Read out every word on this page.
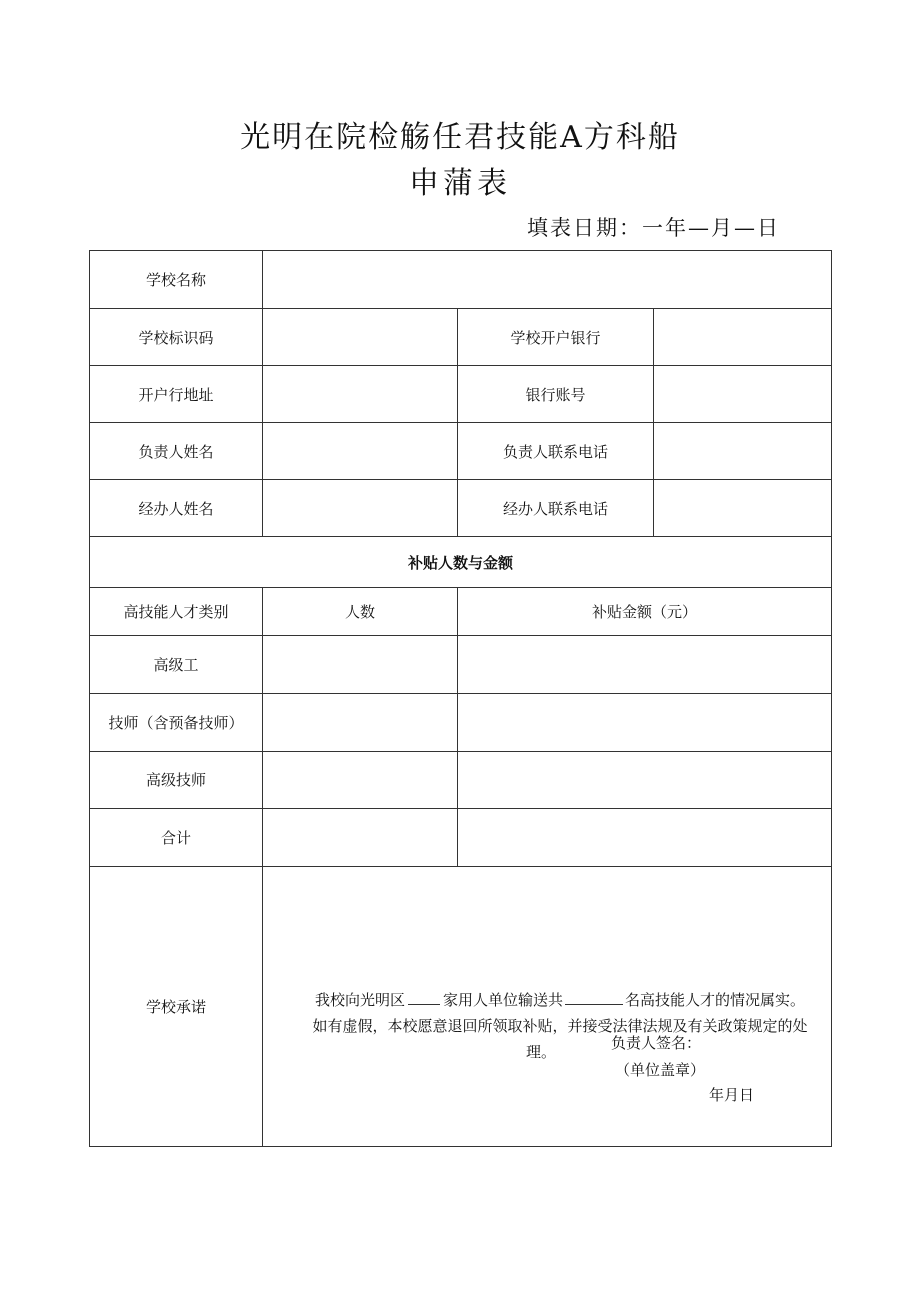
光明在院检觞任君技能A方科船
申蒲表
填表日期：一年—月—日
学校名称			
学校标识码		学校开户银行	
开户行地址		银行账号	
负责人姓名		负责人联系电话	
经办人姓名		经办人联系电话	
补贴人数与金额			
高技能人才类别	人数	补贴金额（元）	
高级工			
技师（含预备技师）			
高级技师			
合计			
学校承诺	我校向光明区 家用人单位输送共 名高技能人才的情况属实。
如有虚假，本校愿意退回所领取补贴，并接受法律法规及有关政策规定的处理。
负责人签名：
（单位盖章）
年月日		
